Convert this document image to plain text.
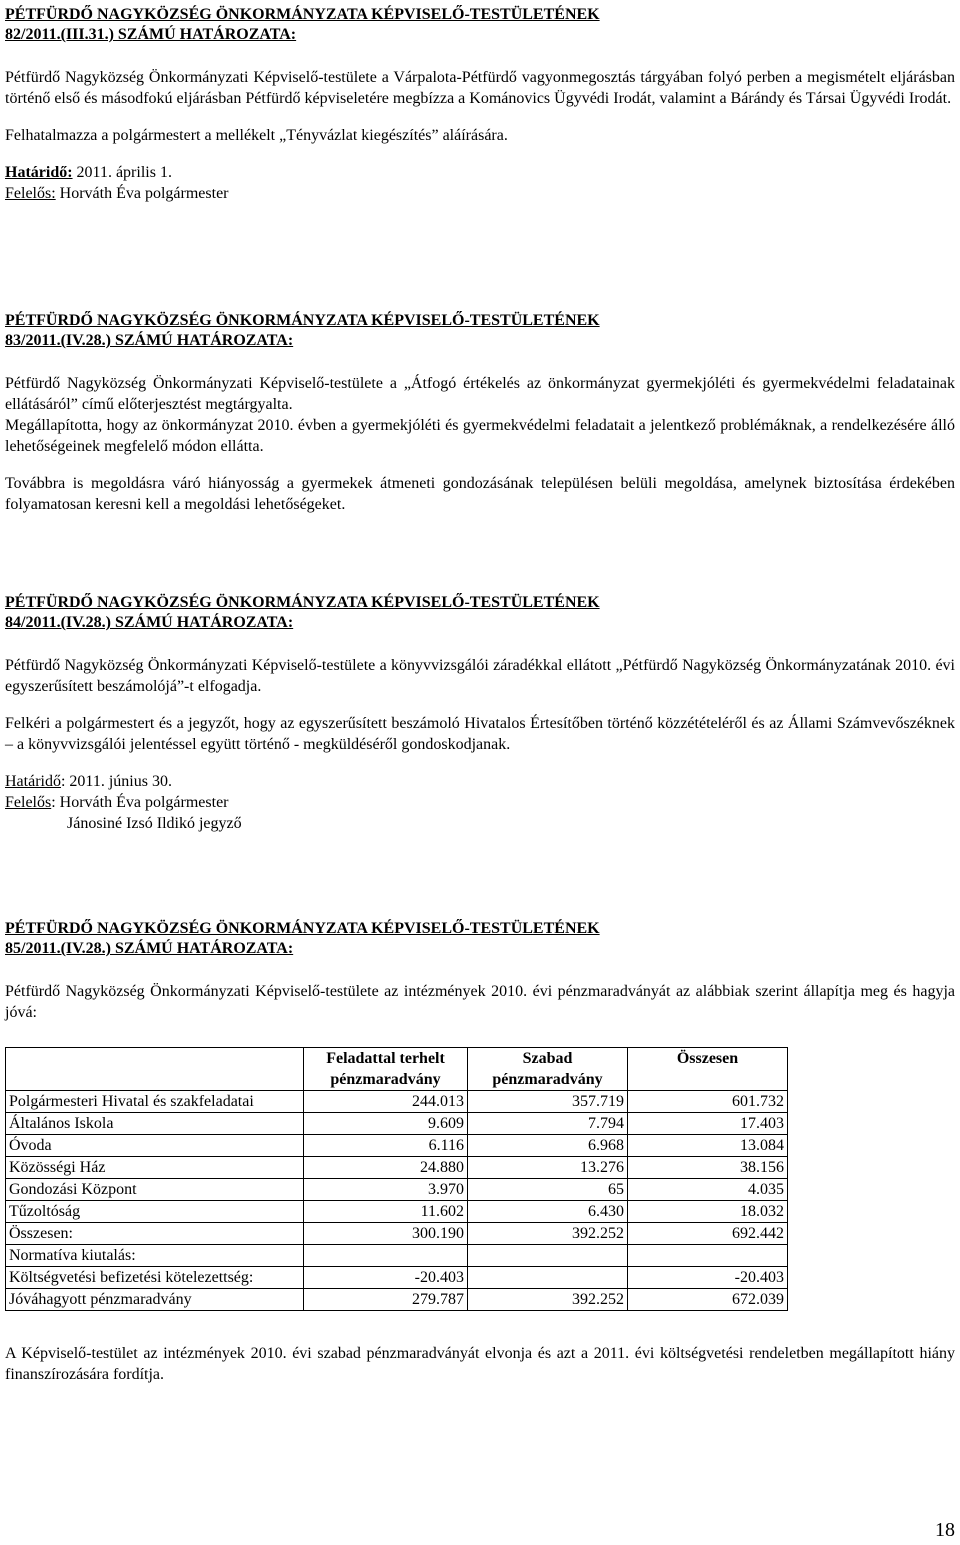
PÉTFÜRDŐ NAGYKÖZSÉG ÖNKORMÁNYZATA KÉPVISELŐ-TESTÜLETÉNEK
82/2011.(III.31.) SZÁMÚ HATÁROZATA:

Pétfürdő Nagyközség Önkormányzati Képviselő-testülete a Várpalota-Pétfürdő vagyonmegosztás tárgyában folyó perben a megismételt eljárásban történő első és másodfokú eljárásban Pétfürdő képviseletére megbízza a Kománovics Ügyvédi Irodát, valamint a Bárándy és Társai Ügyvédi Irodát.

Felhatalmazza a polgármestert a mellékelt „Tényvázlat kiegészítés” aláírására.

Határidő: 2011. április 1.

Felelős: Horváth Éva polgármester

PÉTFÜRDŐ NAGYKÖZSÉG ÖNKORMÁNYZATA KÉPVISELŐ-TESTÜLETÉNEK
83/2011.(IV.28.) SZÁMÚ HATÁROZATA:

Pétfürdő Nagyközség Önkormányzati Képviselő-testülete a „Átfogó értékelés az önkormányzat gyermekjóléti és gyermekvédelmi feladatainak ellátásáról” című előterjesztést megtárgyalta.

Megállapította, hogy az önkormányzat 2010. évben a gyermekjóléti és gyermekvédelmi feladatait a jelentkező problémáknak, a rendelkezésére álló lehetőségeinek megfelelő módon ellátta.

Továbbra is megoldásra váró hiányosság a gyermekek átmeneti gondozásának településen belüli megoldása, amelynek biztosítása érdekében folyamatosan keresni kell a megoldási lehetőségeket.

PÉTFÜRDŐ NAGYKÖZSÉG ÖNKORMÁNYZATA KÉPVISELŐ-TESTÜLETÉNEK
84/2011.(IV.28.) SZÁMÚ HATÁROZATA:

Pétfürdő Nagyközség Önkormányzati Képviselő-testülete a könyvvizsgálói záradékkal ellátott „Pétfürdő Nagyközség Önkormányzatának 2010. évi egyszerűsített beszámolójá”-t elfogadja.

Felkéri a polgármestert és a jegyzőt, hogy az egyszerűsített beszámoló Hivatalos Értesítőben történő közzétételéről és az Állami Számvevőszéknek – a könyvvizsgálói jelentéssel együtt történő - megküldéséről gondoskodjanak.

Határidő: 2011. június 30.

Felelős: Horváth Éva polgármester

Jánosiné Izsó Ildikó jegyző

PÉTFÜRDŐ NAGYKÖZSÉG ÖNKORMÁNYZATA KÉPVISELŐ-TESTÜLETÉNEK
85/2011.(IV.28.) SZÁMÚ HATÁROZATA:

Pétfürdő Nagyközség Önkormányzati Képviselő-testülete az intézmények 2010. évi pénzmaradványát az alábbiak szerint állapítja meg és hagyja jóvá:

	Feladattal terhelt pénzmaradvány	Szabad pénzmaradvány	Összesen
Polgármesteri Hivatal és szakfeladatai	244.013	357.719	601.732
Általános Iskola	9.609	7.794	17.403
Óvoda	6.116	6.968	13.084
Közösségi Ház	24.880	13.276	38.156
Gondozási Központ	3.970	65	4.035
Tűzoltóság	11.602	6.430	18.032
Összesen:	300.190	392.252	692.442
Normatíva kiutalás:			
Költségvetési befizetési kötelezettség:	-20.403		-20.403
Jóváhagyott pénzmaradvány	279.787	392.252	672.039

A Képviselő-testület az intézmények 2010. évi szabad pénzmaradványát elvonja és azt a 2011. évi költségvetési rendeletben megállapított hiány finanszírozására fordítja.

18
